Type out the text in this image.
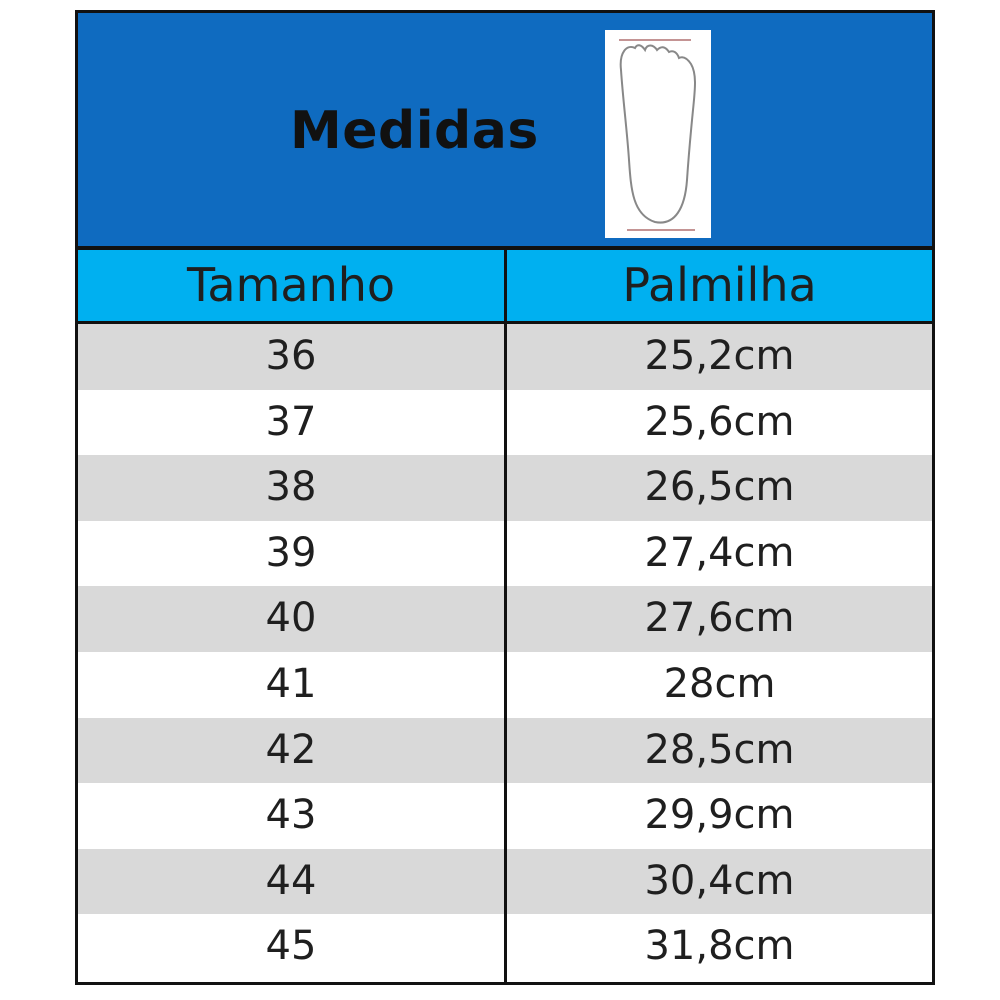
Medidas
Tamanho	Palmilha
36	25,2cm
37	25,6cm
38	26,5cm
39	27,4cm
40	27,6cm
41	28cm
42	28,5cm
43	29,9cm
44	30,4cm
45	31,8cm
